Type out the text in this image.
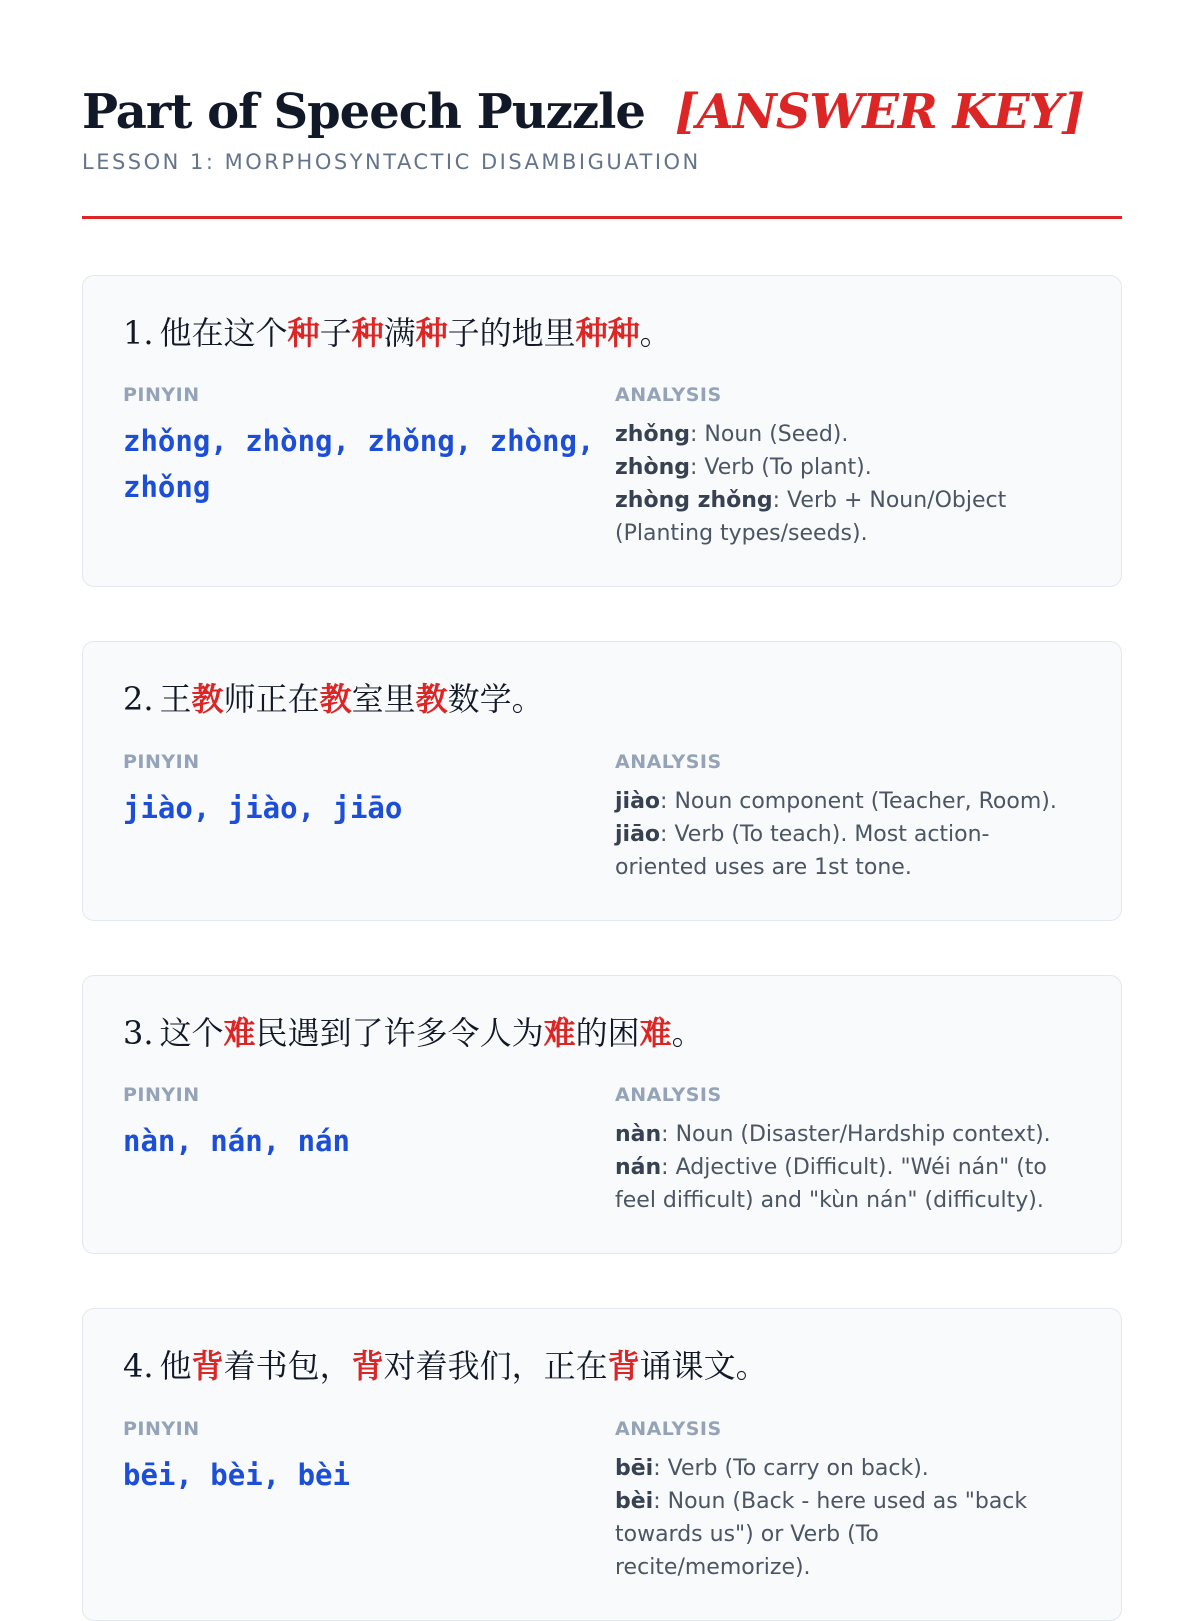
Part of Speech Puzzle [ANSWER KEY]
LESSON 1: MORPHOSYNTACTIC DISAMBIGUATION

1. 他在这个种子种满种子的地里种种。

PINYIN
zhǒng, zhòng, zhǒng, zhòng, zhǒng
ANALYSIS
zhǒng: Noun (Seed).
zhòng: Verb (To plant).
zhòng zhǒng: Verb + Noun/Object (Planting types/seeds).

2. 王教师正在教室里教数学。

PINYIN
jiào, jiào, jiāo
ANALYSIS
jiào: Noun component (Teacher, Room).
jiāo: Verb (To teach). Most action-oriented uses are 1st tone.

3. 这个难民遇到了许多令人为难的困难。

PINYIN
nàn, nán, nán
ANALYSIS
nàn: Noun (Disaster/Hardship context).
nán: Adjective (Difficult). "Wéi nán" (to feel difficult) and "kùn nán" (difficulty).

4. 他背着书包，背对着我们，正在背诵课文。

PINYIN
bēi, bèi, bèi
ANALYSIS
bēi: Verb (To carry on back).
bèi: Noun (Back - here used as "back towards us") or Verb (To recite/memorize).
